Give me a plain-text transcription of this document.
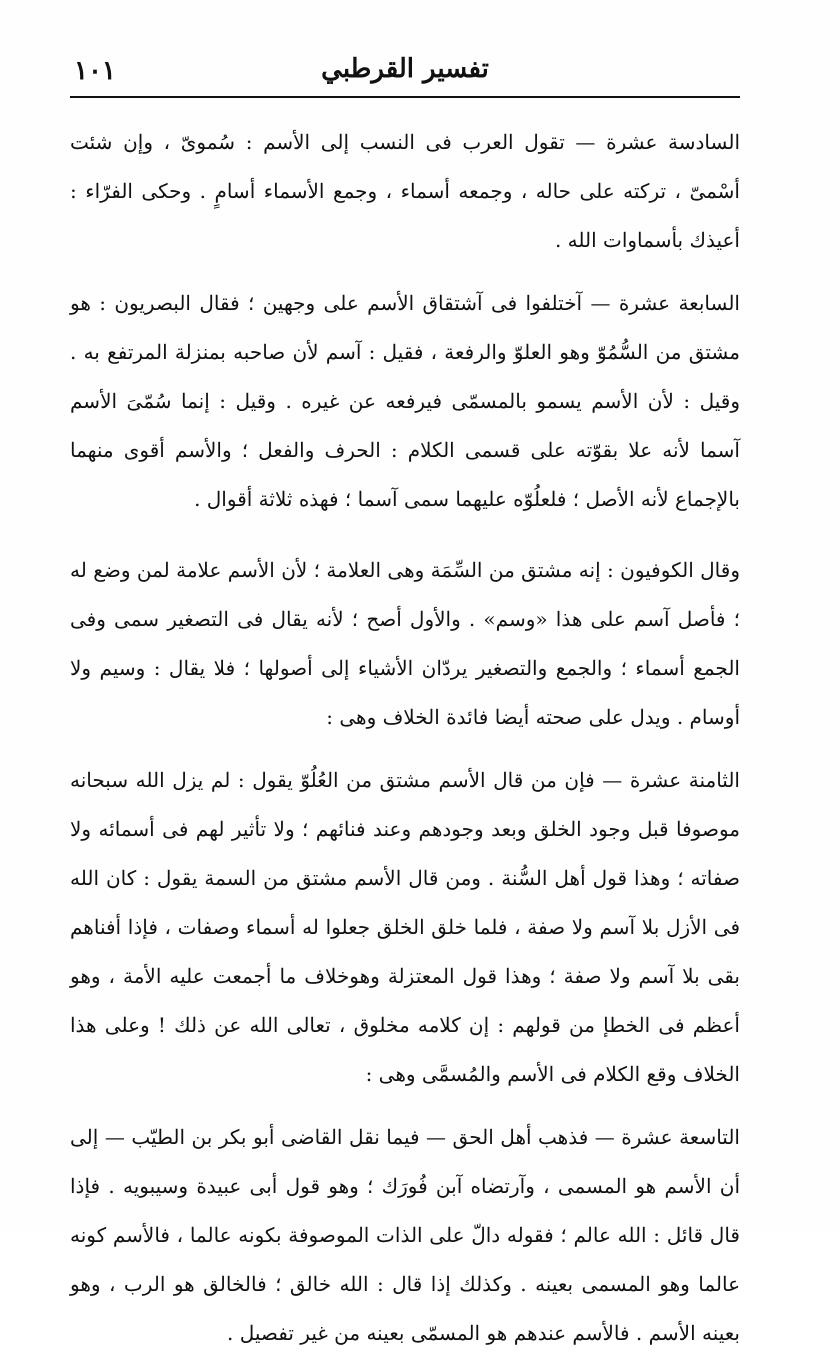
١٠١	تفسير القرطبي

السادسة عشرة — تقول العرب فى النسب إلى الأسم : سُموىّ ، وإن شئت أسْمىّ ، تركته على حاله ، وجمعه أسماء ، وجمع الأسماء أسامٍ . وحكى الفرّاء : أعيذك بأسماوات الله .

السابعة عشرة — آختلفوا فى آشتقاق الأسم على وجهين ؛ فقال البصريون : هو مشتق من السُّمُوّ وهو العلوّ والرفعة ، فقيل : آسم لأن صاحبه بمنزلة المرتفع به . وقيل : لأن الأسم يسمو بالمسمّى فيرفعه عن غيره . وقيل : إنما سُمّىَ الأسم آسما لأنه علا بقوّته على قسمى الكلام : الحرف والفعل ؛ والأسم أقوى منهما بالإجماع لأنه الأصل ؛ فلعلُوّه عليهما سمى آسما ؛ فهذه ثلاثة أقوال .

وقال الكوفيون : إنه مشتق من السِّمَة وهى العلامة ؛ لأن الأسم علامة لمن وضع له ؛ فأصل آسم على هذا «وسم» . والأول أصح ؛ لأنه يقال فى التصغير سمى وفى الجمع أسماء ؛ والجمع والتصغير يردّان الأشياء إلى أصولها ؛ فلا يقال : وسيم ولا أوسام . ويدل على صحته أيضا فائدة الخلاف وهى :

الثامنة عشرة — فإن من قال الأسم مشتق من العُلُوّ يقول : لم يزل الله سبحانه موصوفا قبل وجود الخلق وبعد وجودهم وعند فنائهم ؛ ولا تأثير لهم فى أسمائه ولا صفاته ؛ وهذا قول أهل السُّنة . ومن قال الأسم مشتق من السمة يقول : كان الله فى الأزل بلا آسم ولا صفة ، فلما خلق الخلق جعلوا له أسماء وصفات ، فإذا أفناهم بقى بلا آسم ولا صفة ؛ وهذا قول المعتزلة وهوخلاف ما أجمعت عليه الأمة ، وهو أعظم فى الخطإ من قولهم : إن كلامه مخلوق ، تعالى الله عن ذلك ! وعلى هذا الخلاف وقع الكلام فى الأسم والمُسمَّى وهى :

التاسعة عشرة — فذهب أهل الحق — فيما نقل القاضى أبو بكر بن الطيّب — إلى أن الأسم هو المسمى ، وآرتضاه آبن فُورَك ؛ وهو قول أبى عبيدة وسيبويه . فإذا قال قائل : الله عالم ؛ فقوله دالّ على الذات الموصوفة بكونه عالما ، فالأسم كونه عالما وهو المسمى بعينه . وكذلك إذا قال : الله خالق ؛ فالخالق هو الرب ، وهو بعينه الأسم . فالأسم عندهم هو المسمّى بعينه من غير تفصيل .
